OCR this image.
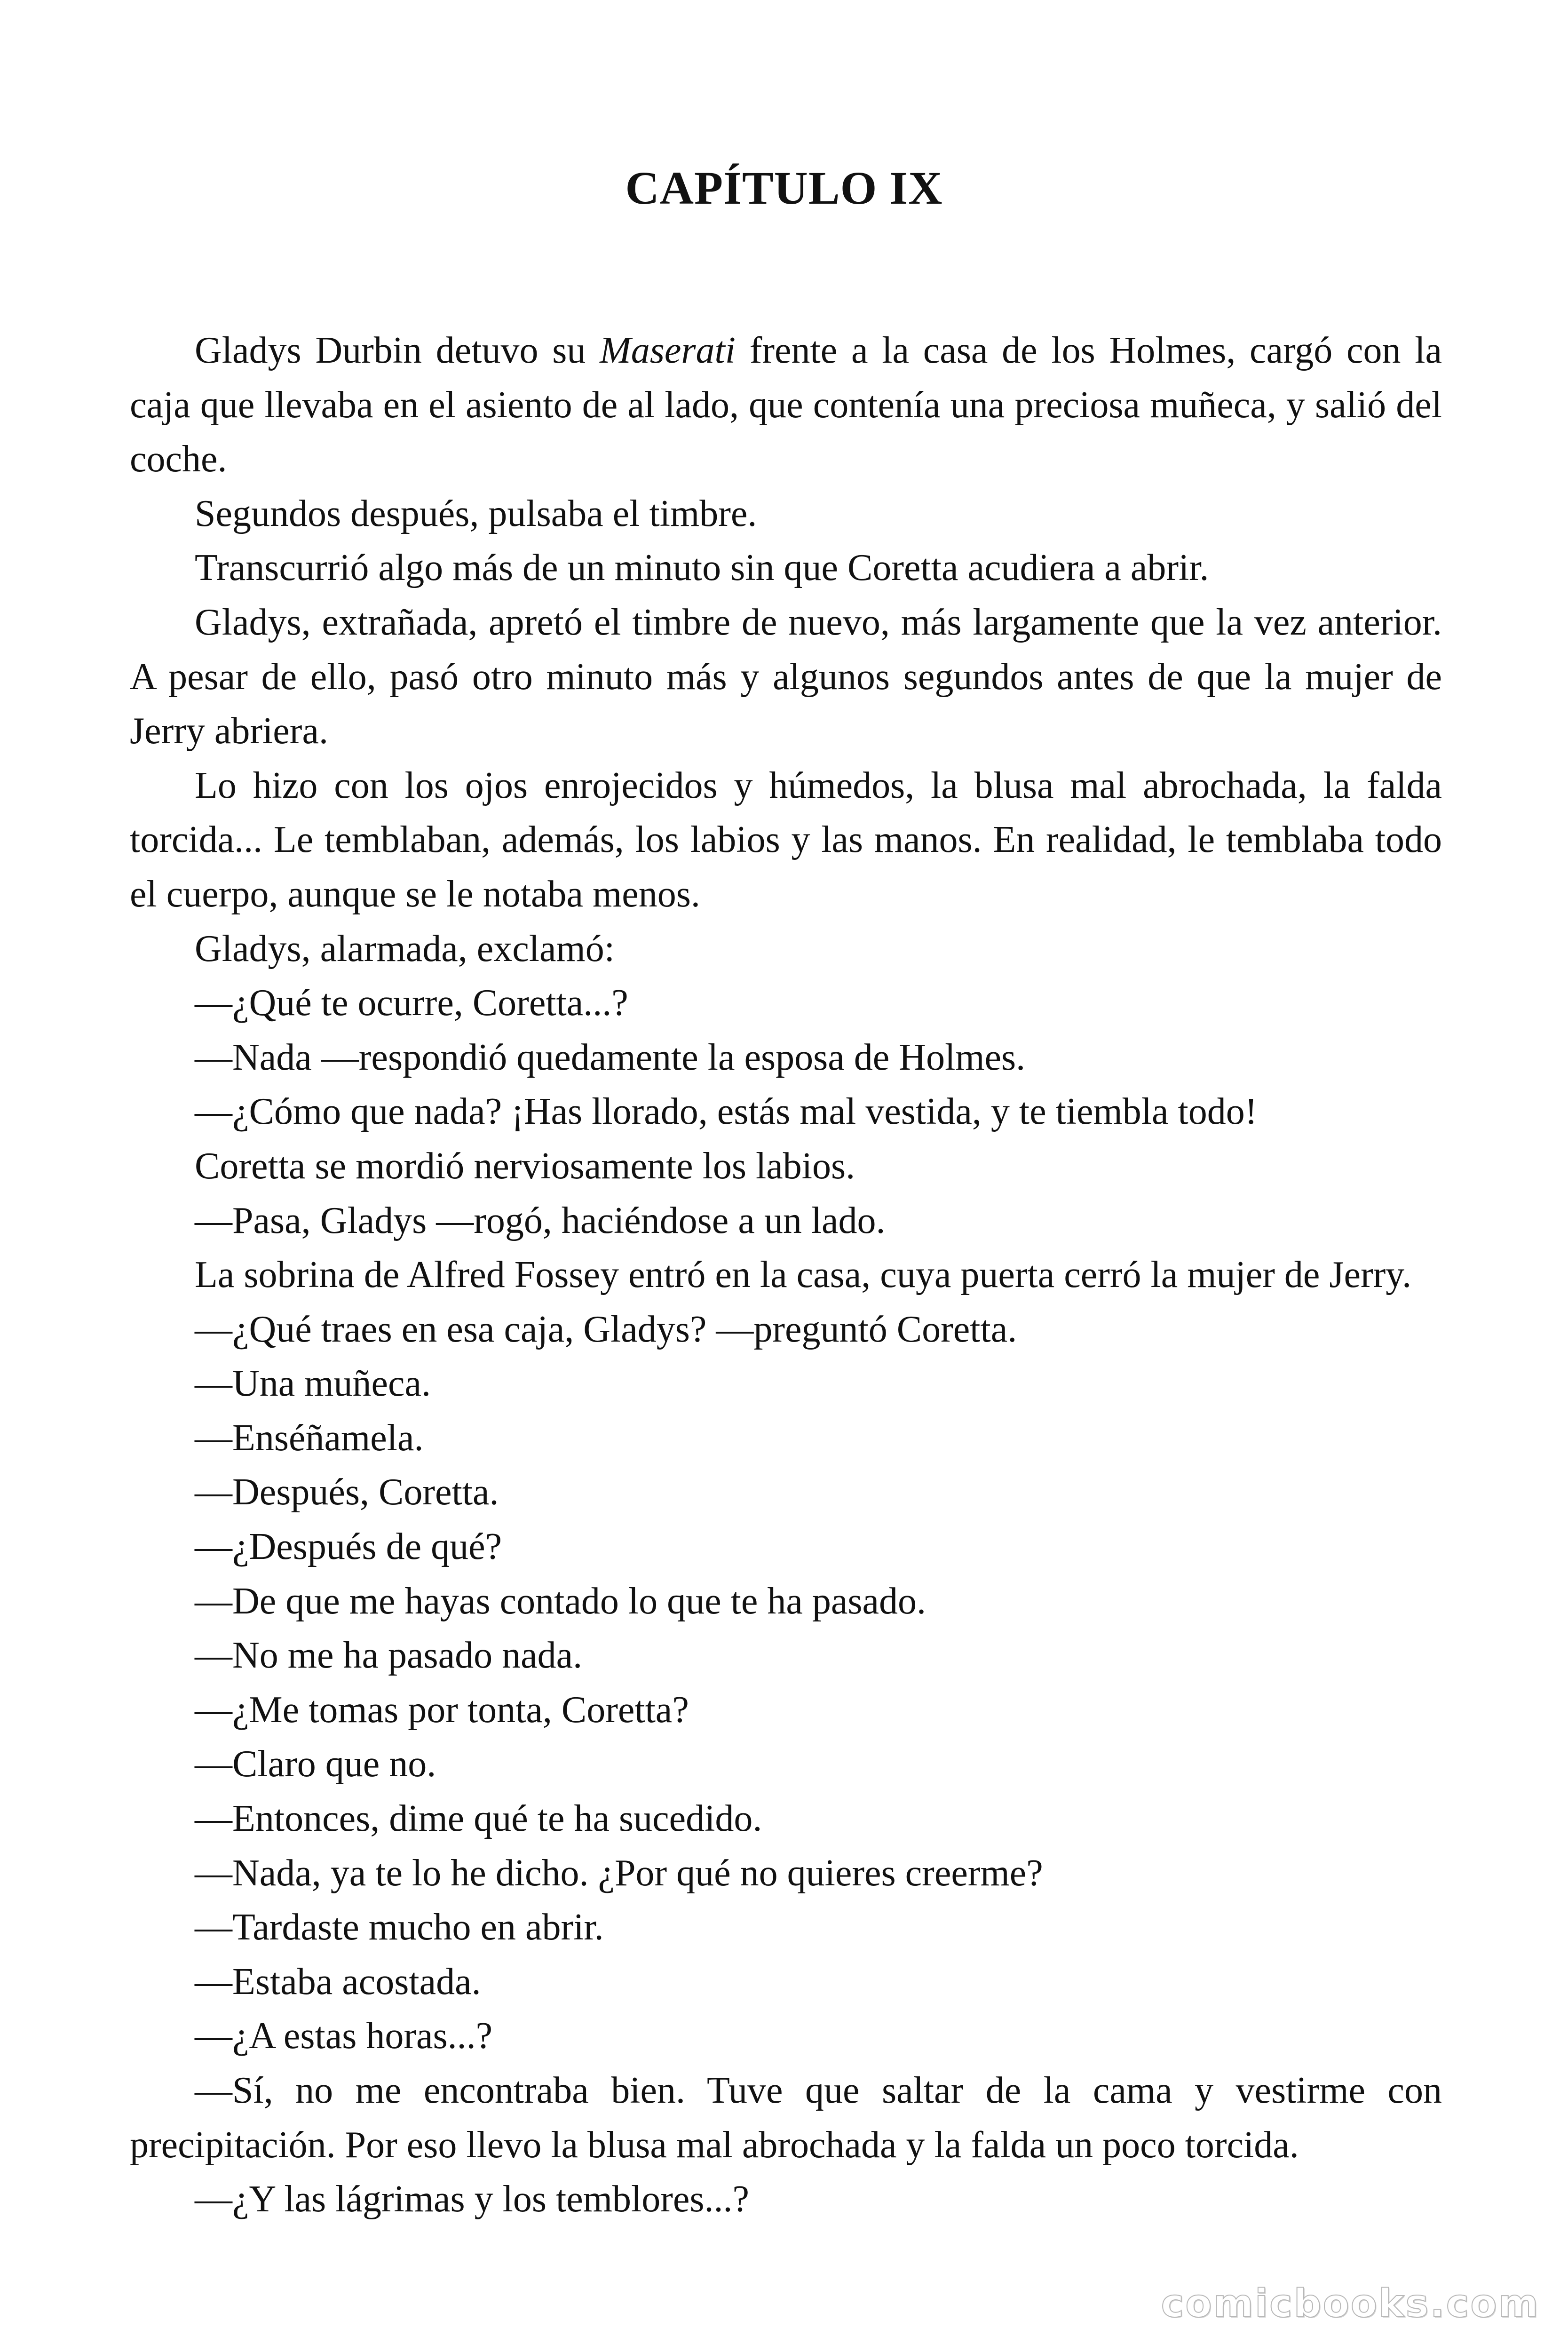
CAPÍTULO IX

Gladys Durbin detuvo su Maserati frente a la casa de los Holmes, cargó con la caja que llevaba en el asiento de al lado, que contenía una preciosa muñeca, y salió del coche.

Segundos después, pulsaba el timbre.

Transcurrió algo más de un minuto sin que Coretta acudiera a abrir.

Gladys, extrañada, apretó el timbre de nuevo, más largamente que la vez anterior. A pesar de ello, pasó otro minuto más y algunos segundos antes de que la mujer de Jerry abriera.

Lo hizo con los ojos enrojecidos y húmedos, la blusa mal abrochada, la falda torcida... Le temblaban, además, los labios y las manos. En realidad, le temblaba todo el cuerpo, aunque se le notaba menos.

Gladys, alarmada, exclamó:

—¿Qué te ocurre, Coretta...?

—Nada —respondió quedamente la esposa de Holmes.

—¿Cómo que nada? ¡Has llorado, estás mal vestida, y te tiembla todo!

Coretta se mordió nerviosamente los labios.

—Pasa, Gladys —rogó, haciéndose a un lado.

La sobrina de Alfred Fossey entró en la casa, cuya puerta cerró la mujer de Jerry.

—¿Qué traes en esa caja, Gladys? —preguntó Coretta.

—Una muñeca.

—Enséñamela.

—Después, Coretta.

—¿Después de qué?

—De que me hayas contado lo que te ha pasado.

—No me ha pasado nada.

—¿Me tomas por tonta, Coretta?

—Claro que no.

—Entonces, dime qué te ha sucedido.

—Nada, ya te lo he dicho. ¿Por qué no quieres creerme?

—Tardaste mucho en abrir.

—Estaba acostada.

—¿A estas horas...?

—Sí, no me encontraba bien. Tuve que saltar de la cama y vestirme con precipitación. Por eso llevo la blusa mal abrochada y la falda un poco torcida.

—¿Y las lágrimas y los temblores...?

comicbooks.com
